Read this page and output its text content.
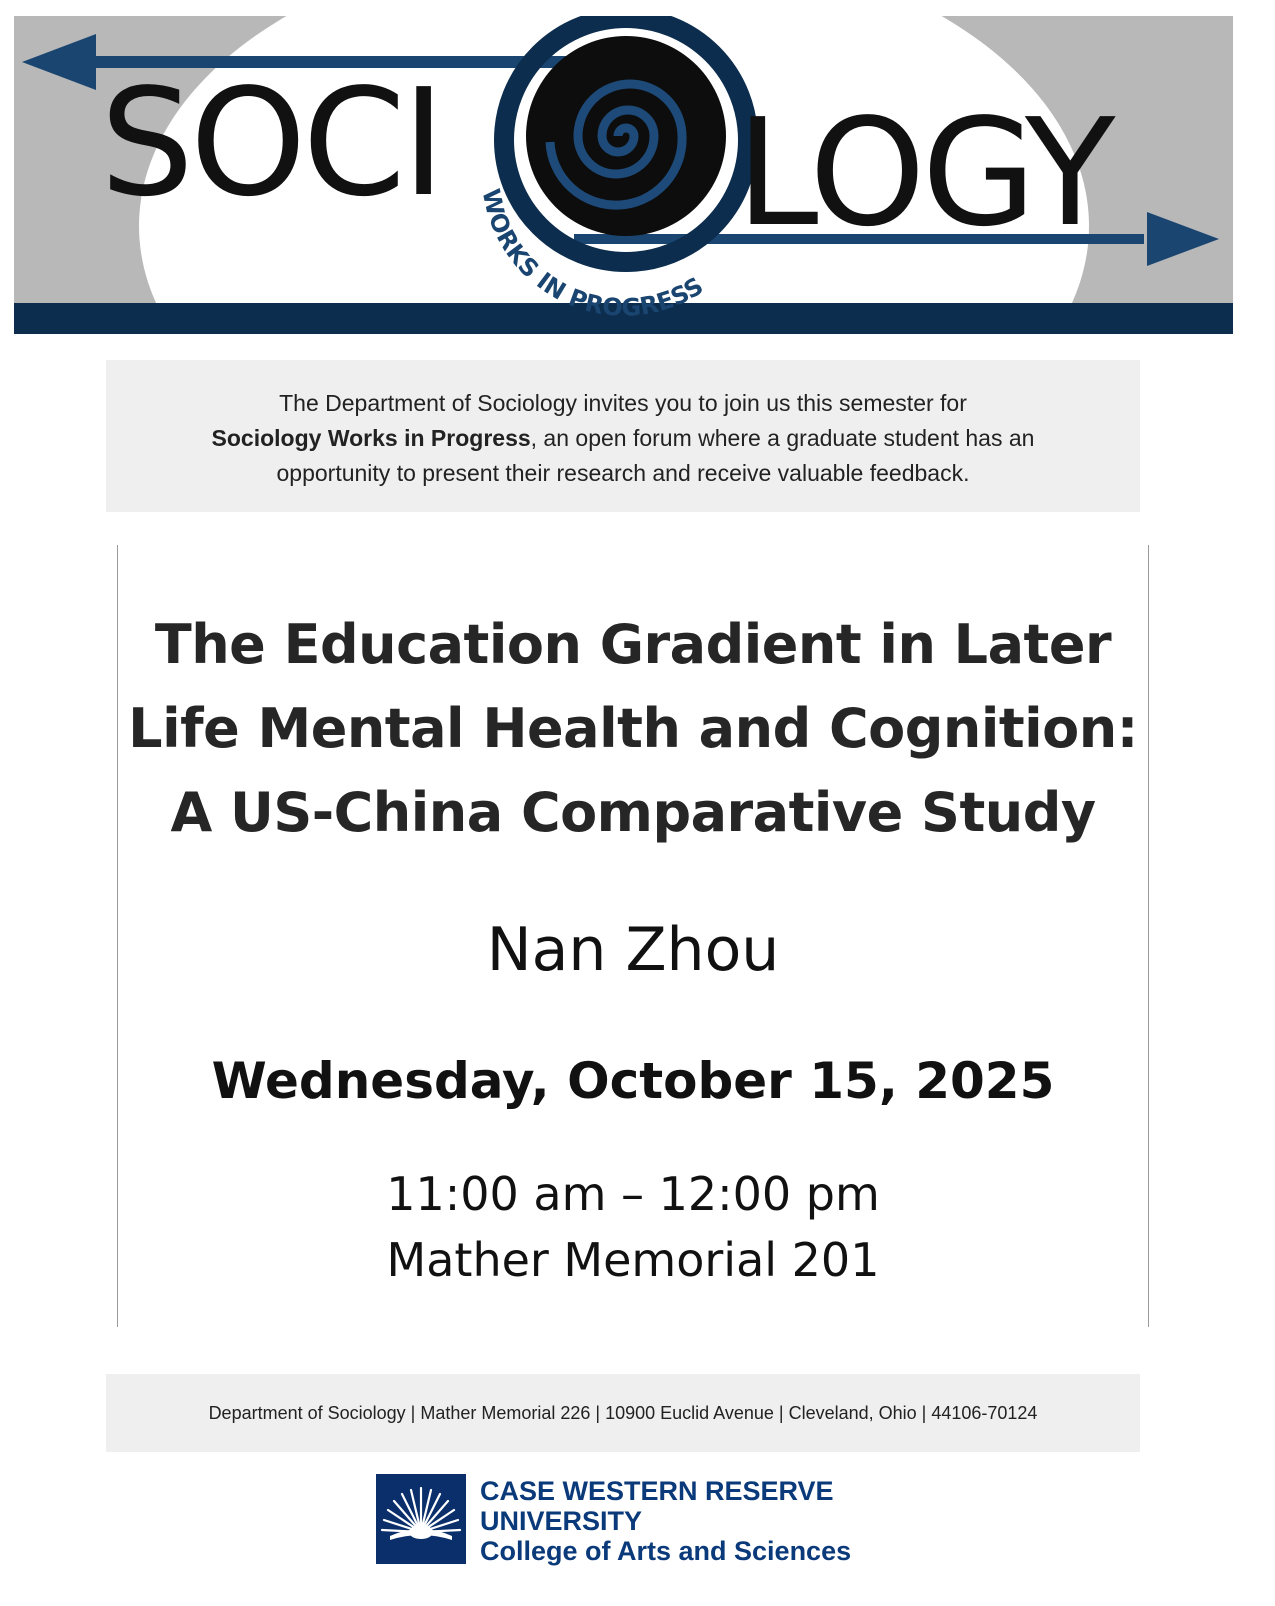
SOCI LOGY
WORKS IN PROGRESS
The Department of Sociology invites you to join us this semester for
Sociology Works in Progress, an open forum where a graduate student has an
opportunity to present their research and receive valuable feedback.
The Education Gradient in Later
Life Mental Health and Cognition:
A US-China Comparative Study
Nan Zhou
Wednesday, October 15, 2025
11:00 am – 12:00 pm
Mather Memorial 201
Department of Sociology | Mather Memorial 226 | 10900 Euclid Avenue | Cleveland, Ohio | 44106-70124
CASE WESTERN RESERVE
UNIVERSITY
College of Arts and Sciences
